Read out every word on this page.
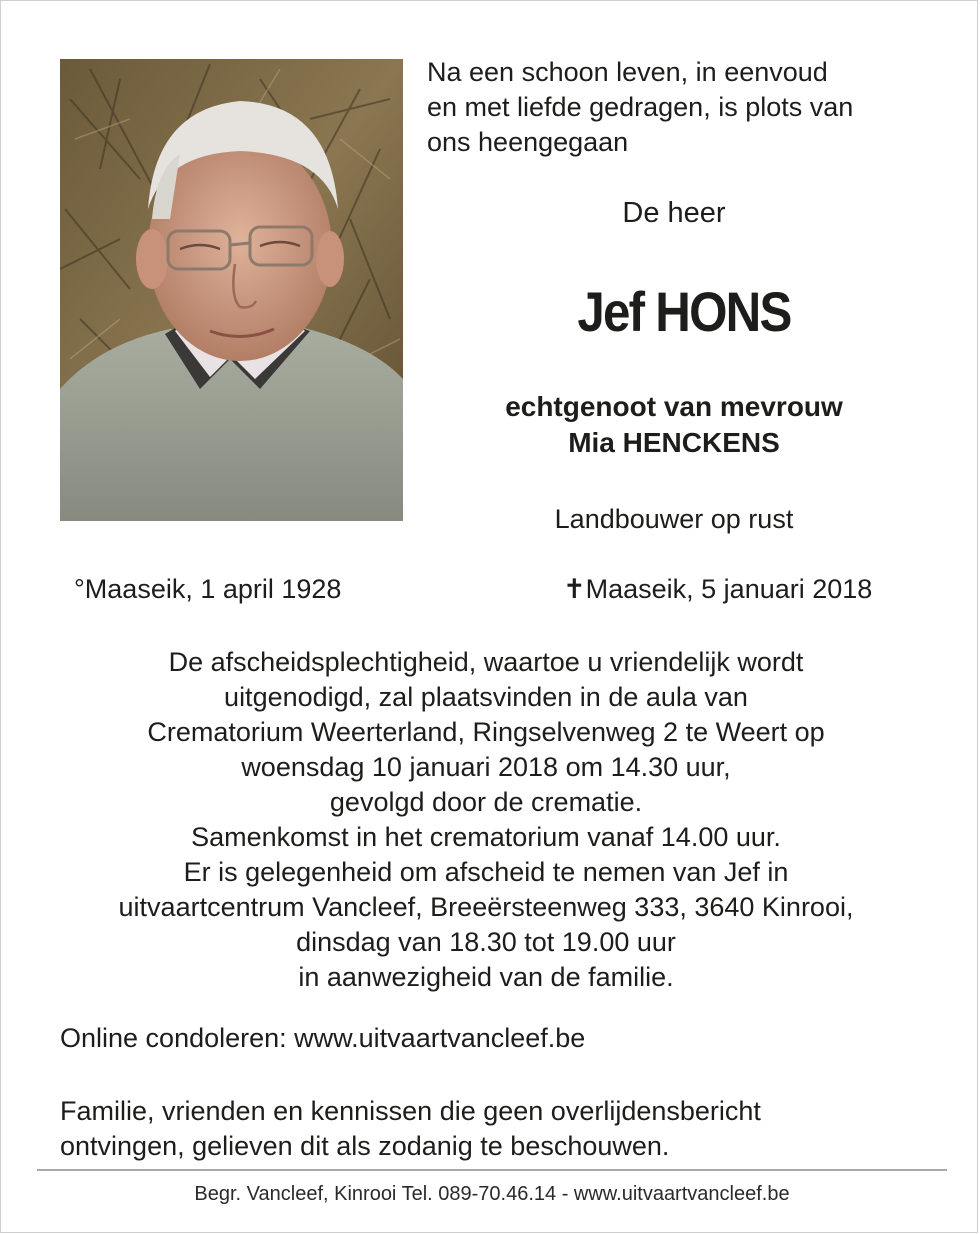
Na een schoon leven, in eenvoud
en met liefde gedragen, is plots van
ons heengegaan
De heer
Jef HONS
echtgenoot van mevrouw
Mia HENCKENS
Landbouwer op rust
°Maaseik, 1 april 1928	✝Maaseik, 5 januari 2018
De afscheidsplechtigheid, waartoe u vriendelijk wordt
uitgenodigd, zal plaatsvinden in de aula van
Crematorium Weerterland, Ringselvenweg 2 te Weert op
woensdag 10 januari 2018 om 14.30 uur,
gevolgd door de crematie.
Samenkomst in het crematorium vanaf 14.00 uur.
Er is gelegenheid om afscheid te nemen van Jef in
uitvaartcentrum Vancleef, Breeërsteenweg 333, 3640 Kinrooi,
dinsdag van 18.30 tot 19.00 uur
in aanwezigheid van de familie.
Online condoleren: www.uitvaartvancleef.be
Familie, vrienden en kennissen die geen overlijdensbericht
ontvingen, gelieven dit als zodanig te beschouwen.
Begr. Vancleef, Kinrooi Tel. 089-70.46.14 - www.uitvaartvancleef.be
